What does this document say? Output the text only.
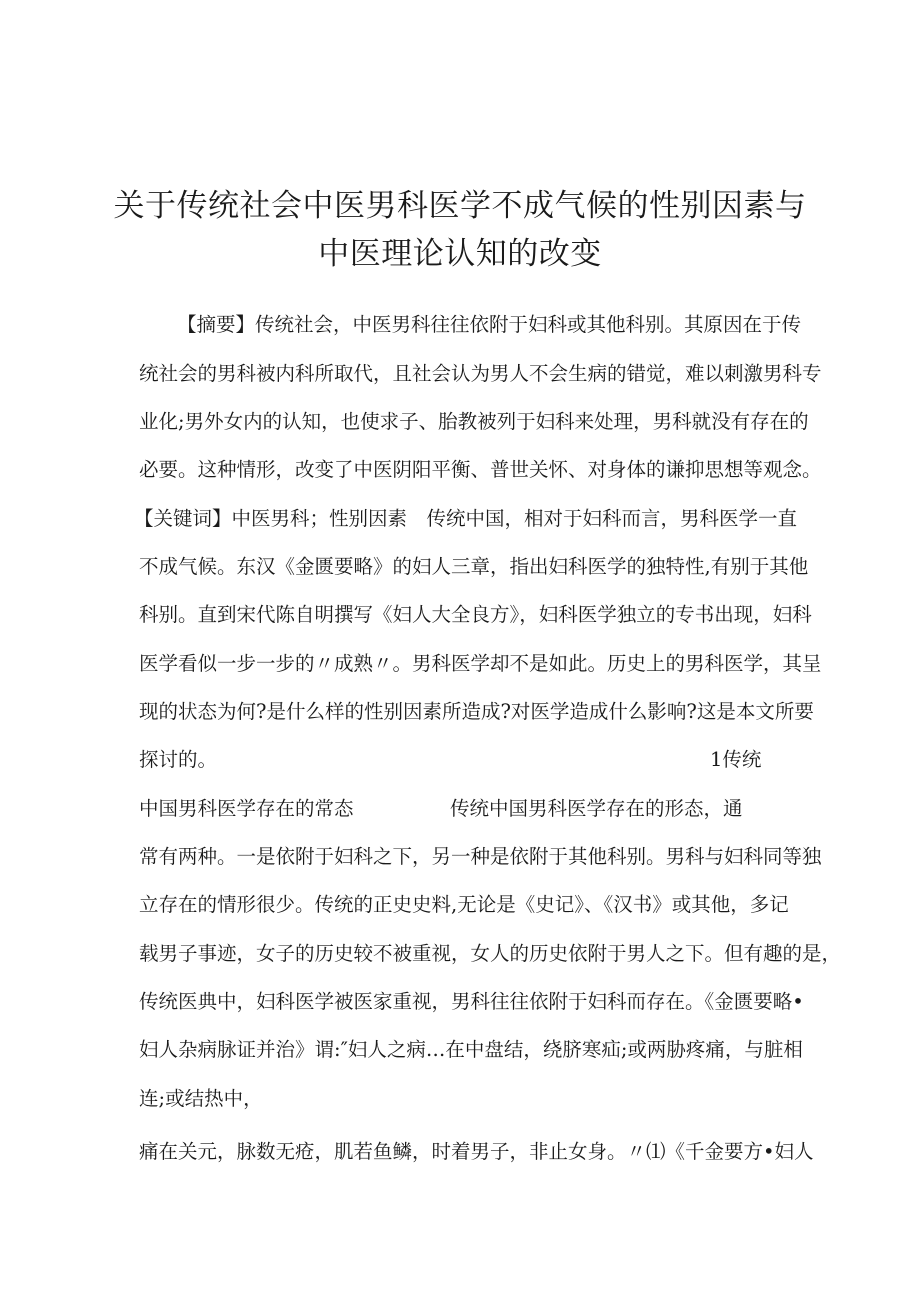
关于传统社会中医男科医学不成气候的性别因素与
中医理论认知的改变
【摘要】传统社会，中医男科往往依附于妇科或其他科别。其原因在于传
统社会的男科被内科所取代，且社会认为男人不会生病的错觉，难以刺激男科专
业化;男外女内的认知，也使求子、胎教被列于妇科来处理，男科就没有存在的
必要。这种情形，改变了中医阴阳平衡、普世关怀、对身体的谦抑思想等观念。
【关键词】中医男科；性别因素　传统中国，相对于妇科而言，男科医学一直
不成气候。东汉《金匮要略》的妇人三章，指出妇科医学的独特性,有别于其他
科别。直到宋代陈自明撰写《妇人大全良方》，妇科医学独立的专书出现，妇科
医学看似一步一步的〃成熟〃。男科医学却不是如此。历史上的男科医学，其呈
现的状态为何?是什么样的性别因素所造成?对医学造成什么影响?这是本文所要
探讨的。	1传统
中国男科医学存在的常态	传统中国男科医学存在的形态，通
常有两种。一是依附于妇科之下，另一种是依附于其他科别。男科与妇科同等独
立存在的情形很少。传统的正史史料,无论是《史记》、《汉书》或其他，多记
载男子事迹，女子的历史较不被重视，女人的历史依附于男人之下。但有趣的是，
传统医典中，妇科医学被医家重视，男科往往依附于妇科而存在。《金匮要略•
妇人杂病脉证并治》谓:″妇人之病…在中盘结，绕脐寒疝;或两胁疼痛，与脏相
连;或结热中，
痛在关元，脉数无疮，肌若鱼鳞，时着男子，非止女身。〃⑴《千金要方•妇人
